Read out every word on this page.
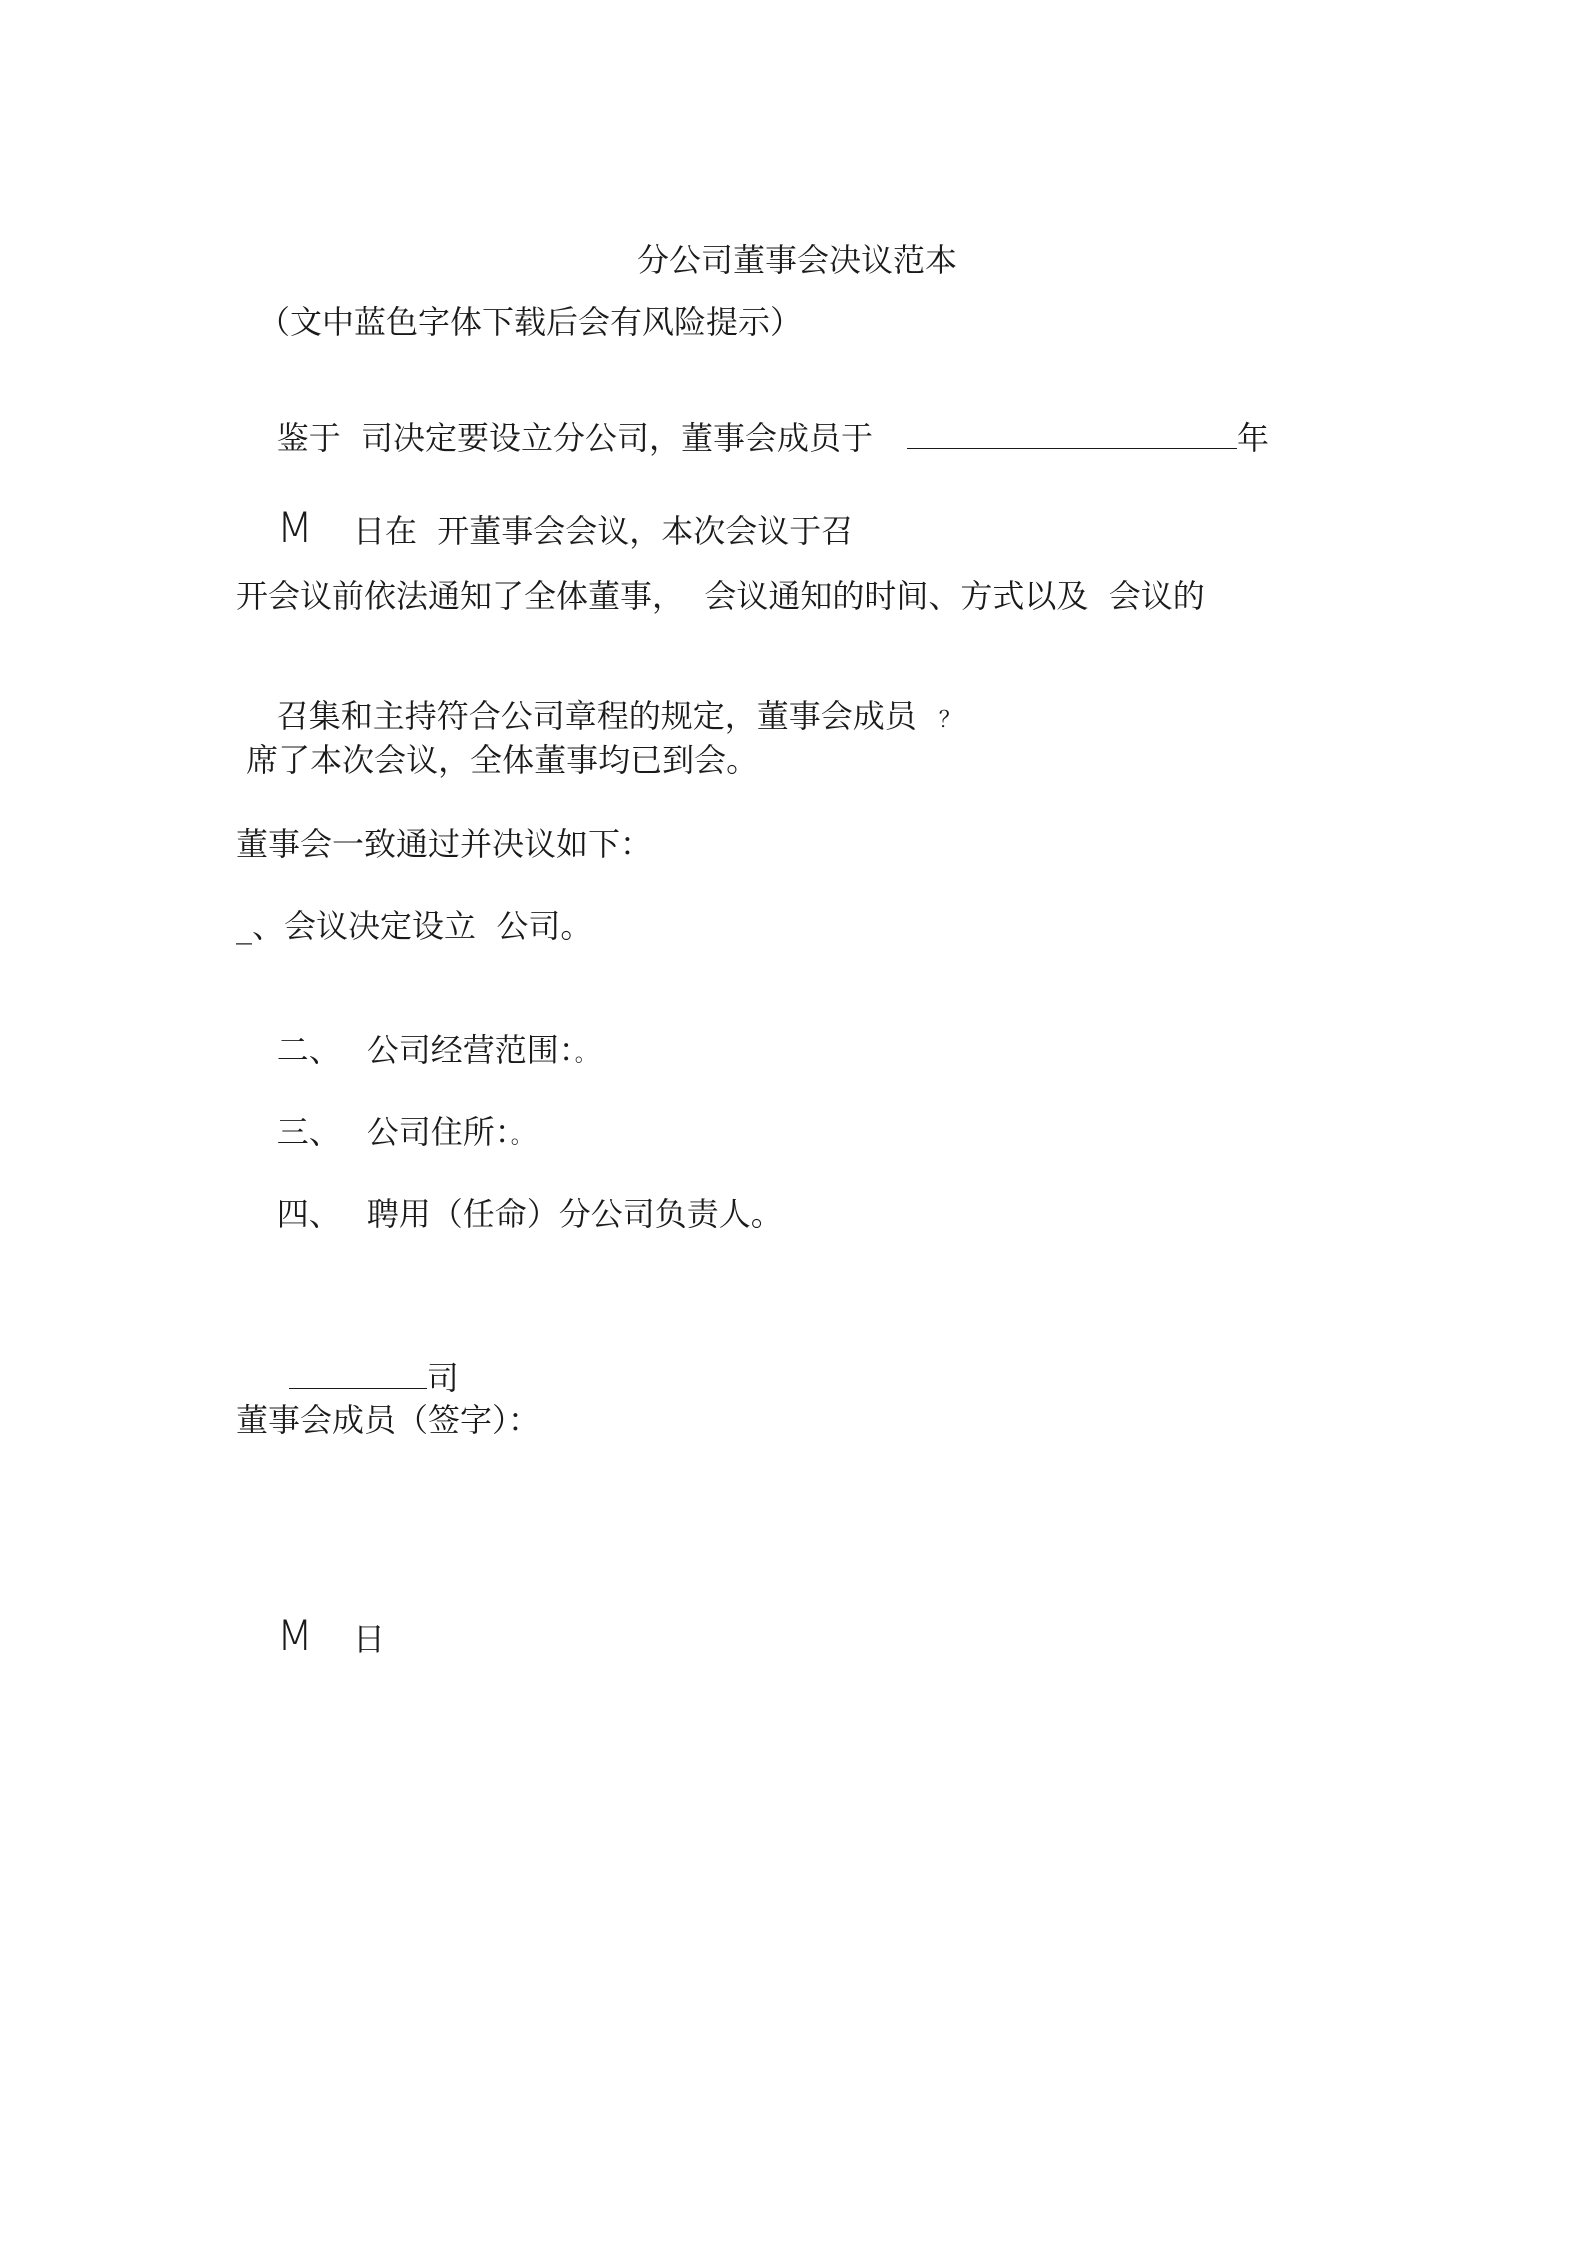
分公司董事会决议范本
（文中蓝色字体下载后会有风险提示）

鉴于  司决定要设立分公司，董事会成员于	年

M 日在  开董事会会议，本次会议于召

开会议前依法通知了全体董事，  会议通知的时间、方式以及  会议的

召集和主持符合公司章程的规定，董事会成员 ？

席了本次会议，全体董事均已到会。
董事会一致通过并决议如下：
_、会议决定设立  公司。

二、 公司经营范围：。

三、 公司住所：。

四、 聘用（任命）分公司负责人。

司

董事会成员（签字）：

M 日
